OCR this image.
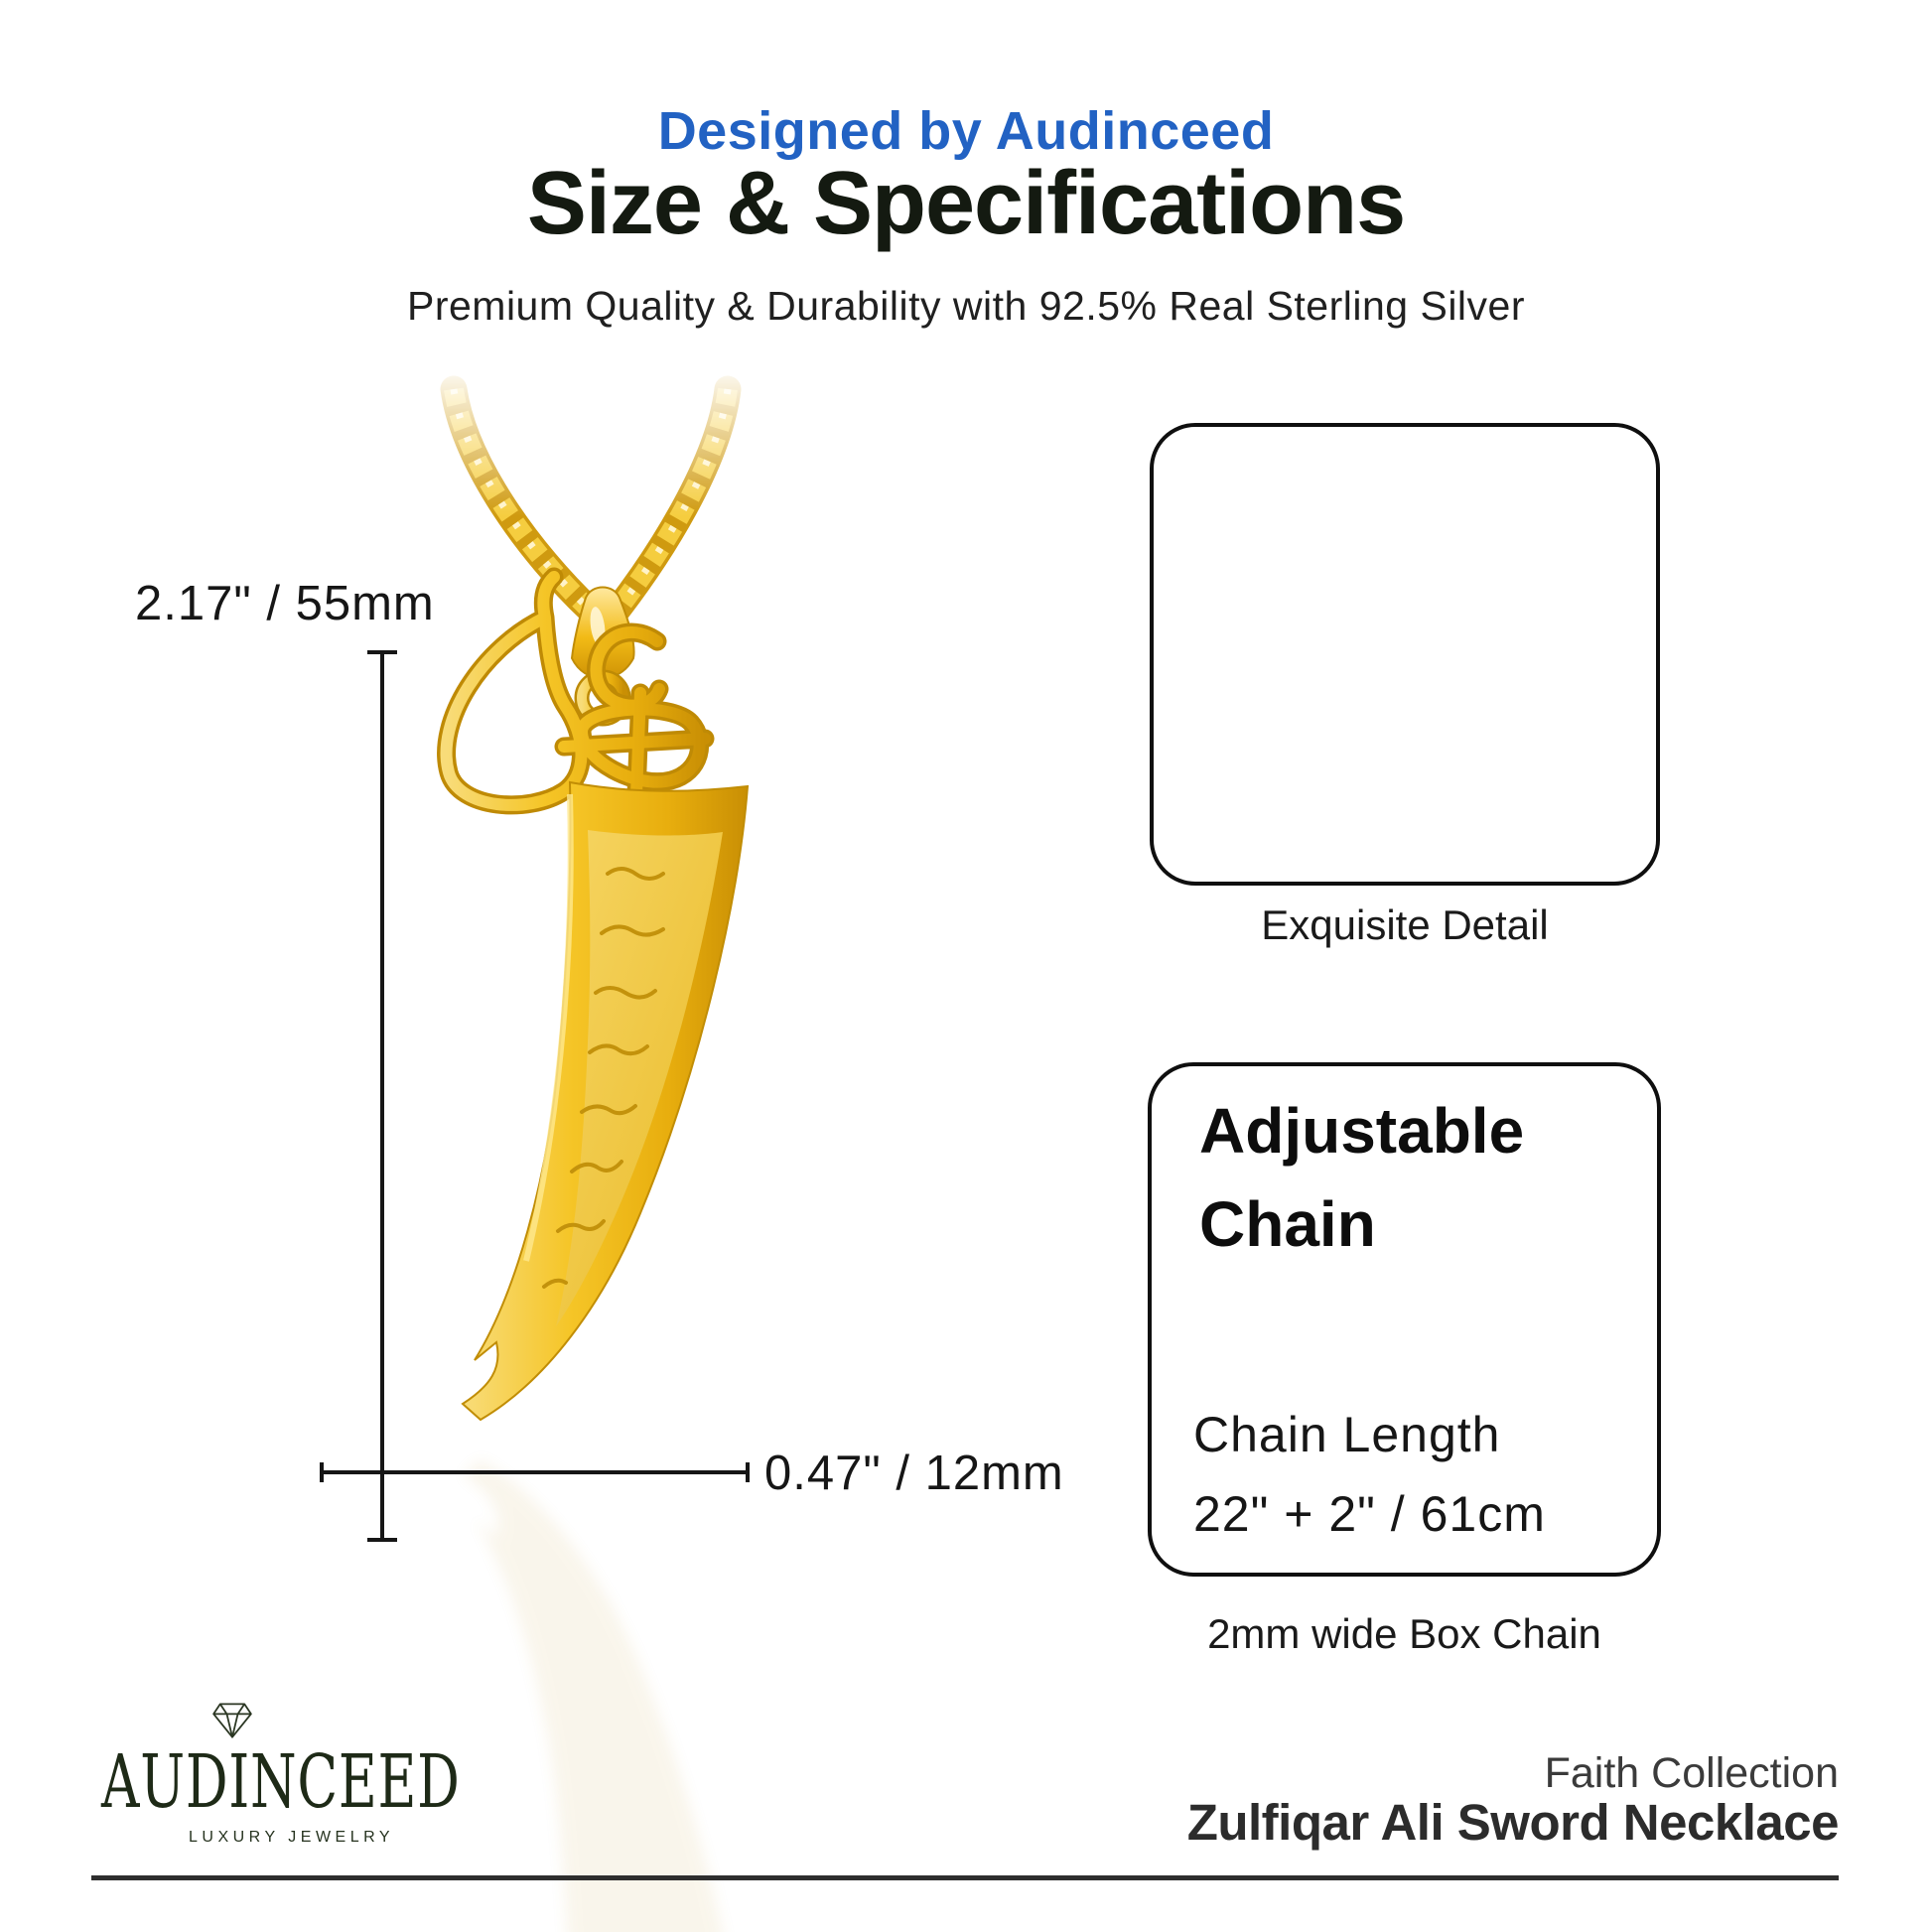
Designed by Audinceed
Size & Specifications
Premium Quality & Durability with 92.5% Real Sterling Silver
2.17" / 55mm
0.47" / 12mm
Exquisite Detail
Adjustable
Chain
Chain Length
22" + 2" / 61cm
2mm wide Box Chain
AUDINCEED
LUXURY JEWELRY
Faith Collection
Zulfiqar Ali Sword Necklace
